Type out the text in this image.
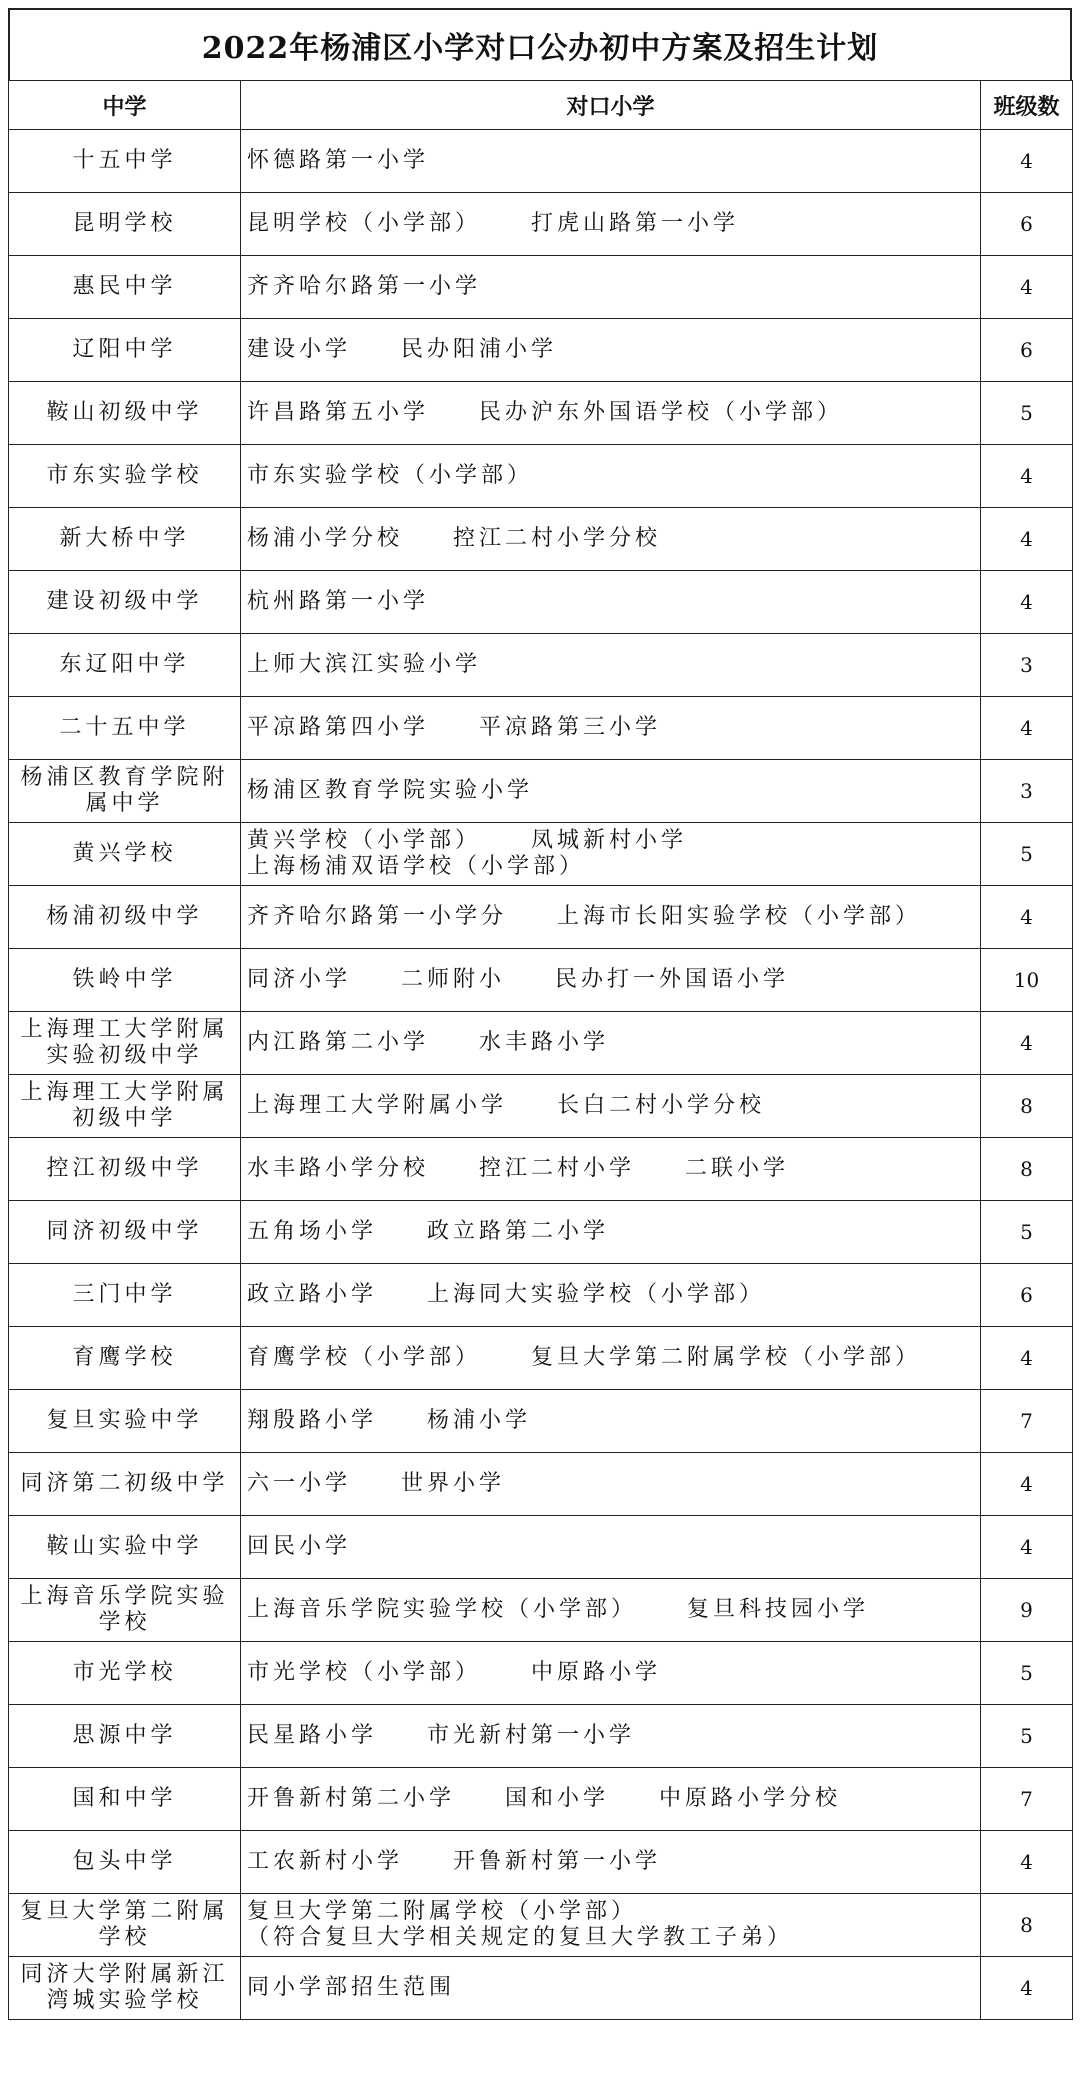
2022年杨浦区小学对口公办初中方案及招生计划
中学	对口小学	班级数
十五中学	怀德路第一小学	4
昆明学校	昆明学校（小学部） 打虎山路第一小学	6
惠民中学	齐齐哈尔路第一小学	4
辽阳中学	建设小学 民办阳浦小学	6
鞍山初级中学	许昌路第五小学 民办沪东外国语学校（小学部）	5
市东实验学校	市东实验学校（小学部）	4
新大桥中学	杨浦小学分校 控江二村小学分校	4
建设初级中学	杭州路第一小学	4
东辽阳中学	上师大滨江实验小学	3
二十五中学	平凉路第四小学 平凉路第三小学	4
杨浦区教育学院附属中学	杨浦区教育学院实验小学	3
黄兴学校	黄兴学校（小学部） 凤城新村小学
上海杨浦双语学校（小学部）	5
杨浦初级中学	齐齐哈尔路第一小学分 上海市长阳实验学校（小学部）	4
铁岭中学	同济小学 二师附小 民办打一外国语小学	10
上海理工大学附属实验初级中学	内江路第二小学 水丰路小学	4
上海理工大学附属初级中学	上海理工大学附属小学 长白二村小学分校	8
控江初级中学	水丰路小学分校 控江二村小学 二联小学	8
同济初级中学	五角场小学 政立路第二小学	5
三门中学	政立路小学 上海同大实验学校（小学部）	6
育鹰学校	育鹰学校（小学部） 复旦大学第二附属学校（小学部）	4
复旦实验中学	翔殷路小学 杨浦小学	7
同济第二初级中学	六一小学 世界小学	4
鞍山实验中学	回民小学	4
上海音乐学院实验学校	上海音乐学院实验学校（小学部） 复旦科技园小学	9
市光学校	市光学校（小学部） 中原路小学	5
思源中学	民星路小学 市光新村第一小学	5
国和中学	开鲁新村第二小学 国和小学 中原路小学分校	7
包头中学	工农新村小学 开鲁新村第一小学	4
复旦大学第二附属学校	复旦大学第二附属学校（小学部）
（符合复旦大学相关规定的复旦大学教工子弟）	8
同济大学附属新江湾城实验学校	同小学部招生范围	4
